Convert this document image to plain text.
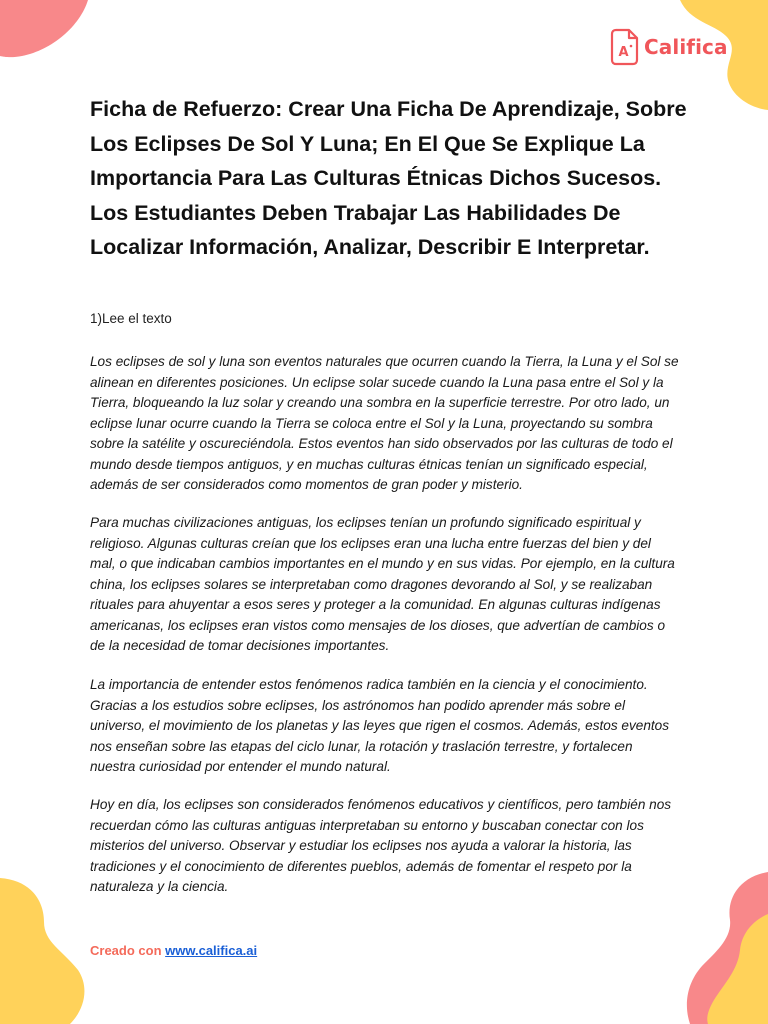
A Califica
Ficha de Refuerzo: Crear Una Ficha De Aprendizaje, Sobre Los Eclipses De Sol Y Luna; En El Que Se Explique La Importancia Para Las Culturas Étnicas Dichos Sucesos. Los Estudiantes Deben Trabajar Las Habilidades De Localizar Información, Analizar, Describir E Interpretar.

1)Lee el texto

Los eclipses de sol y luna son eventos naturales que ocurren cuando la Tierra, la Luna y el Sol se alinean en diferentes posiciones. Un eclipse solar sucede cuando la Luna pasa entre el Sol y la Tierra, bloqueando la luz solar y creando una sombra en la superficie terrestre. Por otro lado, un eclipse lunar ocurre cuando la Tierra se coloca entre el Sol y la Luna, proyectando su sombra sobre la satélite y oscureciéndola. Estos eventos han sido observados por las culturas de todo el mundo desde tiempos antiguos, y en muchas culturas étnicas tenían un significado especial, además de ser considerados como momentos de gran poder y misterio.

Para muchas civilizaciones antiguas, los eclipses tenían un profundo significado espiritual y religioso. Algunas culturas creían que los eclipses eran una lucha entre fuerzas del bien y del mal, o que indicaban cambios importantes en el mundo y en sus vidas. Por ejemplo, en la cultura china, los eclipses solares se interpretaban como dragones devorando al Sol, y se realizaban rituales para ahuyentar a esos seres y proteger a la comunidad. En algunas culturas indígenas americanas, los eclipses eran vistos como mensajes de los dioses, que advertían de cambios o de la necesidad de tomar decisiones importantes.

La importancia de entender estos fenómenos radica también en la ciencia y el conocimiento. Gracias a los estudios sobre eclipses, los astrónomos han podido aprender más sobre el universo, el movimiento de los planetas y las leyes que rigen el cosmos. Además, estos eventos nos enseñan sobre las etapas del ciclo lunar, la rotación y traslación terrestre, y fortalecen nuestra curiosidad por entender el mundo natural.

Hoy en día, los eclipses son considerados fenómenos educativos y científicos, pero también nos recuerdan cómo las culturas antiguas interpretaban su entorno y buscaban conectar con los misterios del universo. Observar y estudiar los eclipses nos ayuda a valorar la historia, las tradiciones y el conocimiento de diferentes pueblos, además de fomentar el respeto por la naturaleza y la ciencia.

Creado con www.califica.ai
